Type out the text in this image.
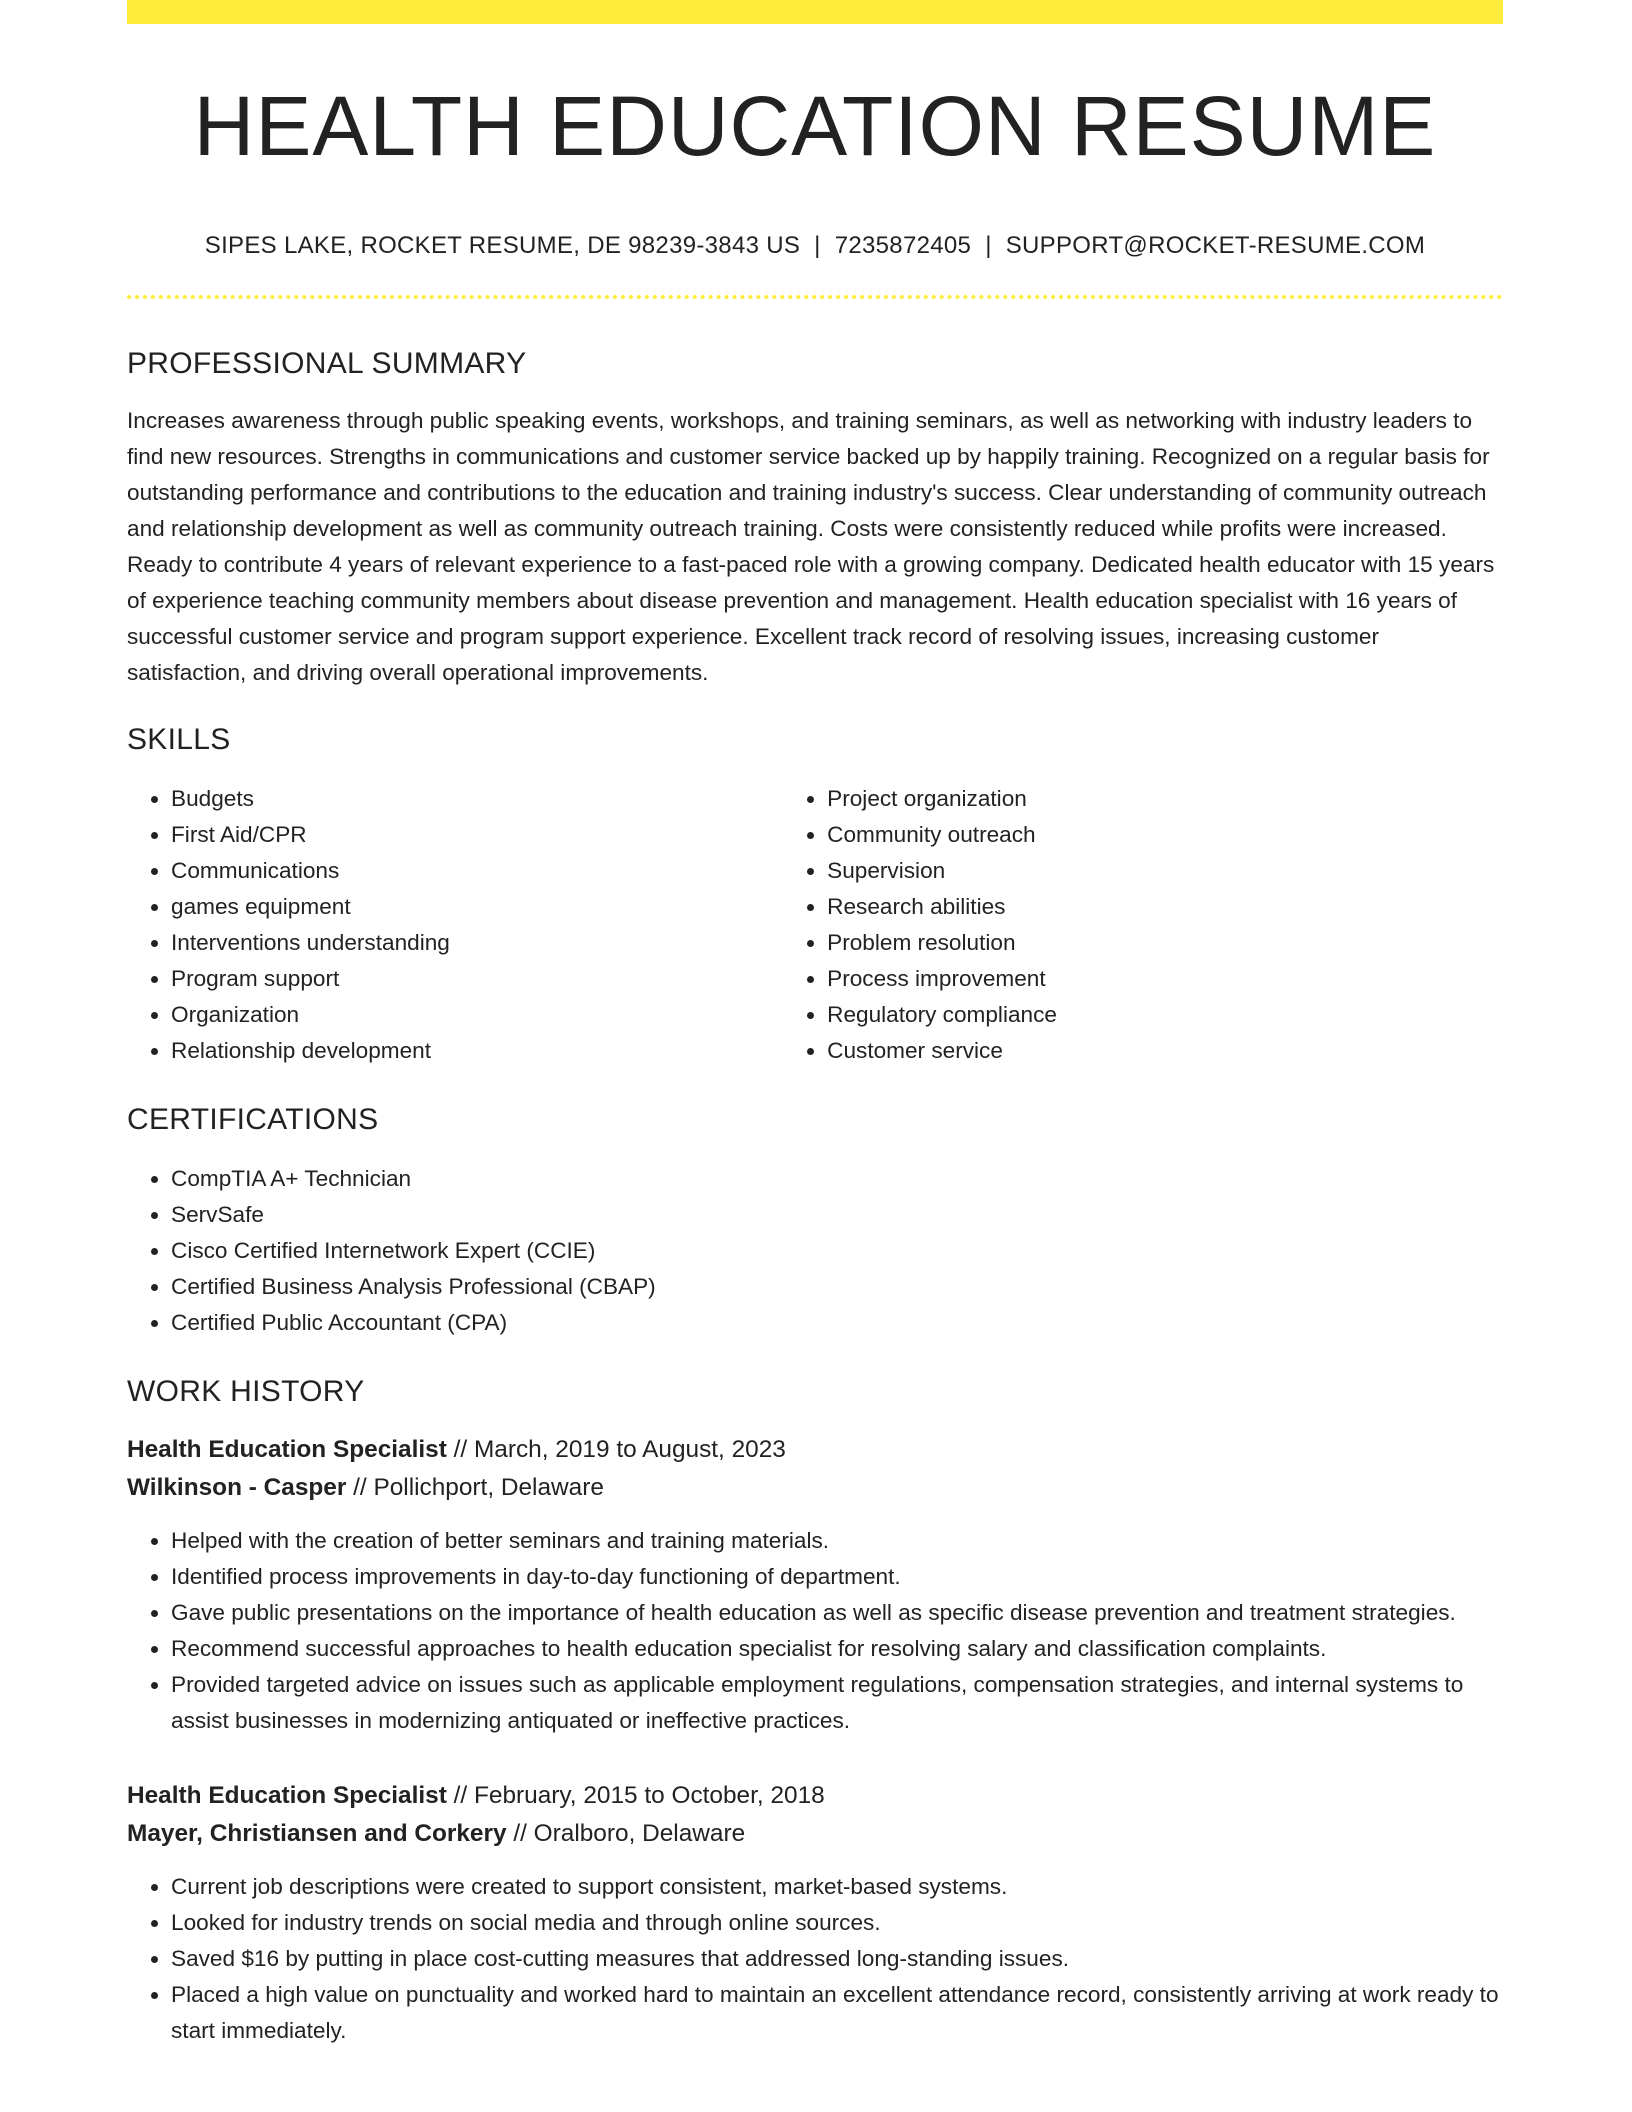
HEALTH EDUCATION RESUME
SIPES LAKE, ROCKET RESUME, DE 98239-3843 US | 7235872405 | SUPPORT@ROCKET-RESUME.COM
PROFESSIONAL SUMMARY

Increases awareness through public speaking events, workshops, and training seminars, as well as networking with industry leaders to find new resources. Strengths in communications and customer service backed up by happily training. Recognized on a regular basis for outstanding performance and contributions to the education and training industry's success. Clear understanding of community outreach and relationship development as well as community outreach training. Costs were consistently reduced while profits were increased. Ready to contribute 4 years of relevant experience to a fast-paced role with a growing company. Dedicated health educator with 15 years of experience teaching community members about disease prevention and management. Health education specialist with 16 years of successful customer service and program support experience. Excellent track record of resolving issues, increasing customer satisfaction, and driving overall operational improvements.

SKILLS
• Budgets
• First Aid/CPR
• Communications
• games equipment
• Interventions understanding
• Program support
• Organization
• Relationship development
• Project organization
• Community outreach
• Supervision
• Research abilities
• Problem resolution
• Process improvement
• Regulatory compliance
• Customer service
CERTIFICATIONS
• CompTIA A+ Technician
• ServSafe
• Cisco Certified Internetwork Expert (CCIE)
• Certified Business Analysis Professional (CBAP)
• Certified Public Accountant (CPA)
WORK HISTORY
Health Education Specialist // March, 2019 to August, 2023
Wilkinson - Casper // Pollichport, Delaware
• Helped with the creation of better seminars and training materials.
• Identified process improvements in day-to-day functioning of department.
• Gave public presentations on the importance of health education as well as specific disease prevention and treatment strategies.
• Recommend successful approaches to health education specialist for resolving salary and classification complaints.
• Provided targeted advice on issues such as applicable employment regulations, compensation strategies, and internal systems to assist businesses in modernizing antiquated or ineffective practices.
Health Education Specialist // February, 2015 to October, 2018
Mayer, Christiansen and Corkery // Oralboro, Delaware
• Current job descriptions were created to support consistent, market-based systems.
• Looked for industry trends on social media and through online sources.
• Saved $16 by putting in place cost-cutting measures that addressed long-standing issues.
• Placed a high value on punctuality and worked hard to maintain an excellent attendance record, consistently arriving at work ready to start immediately.
